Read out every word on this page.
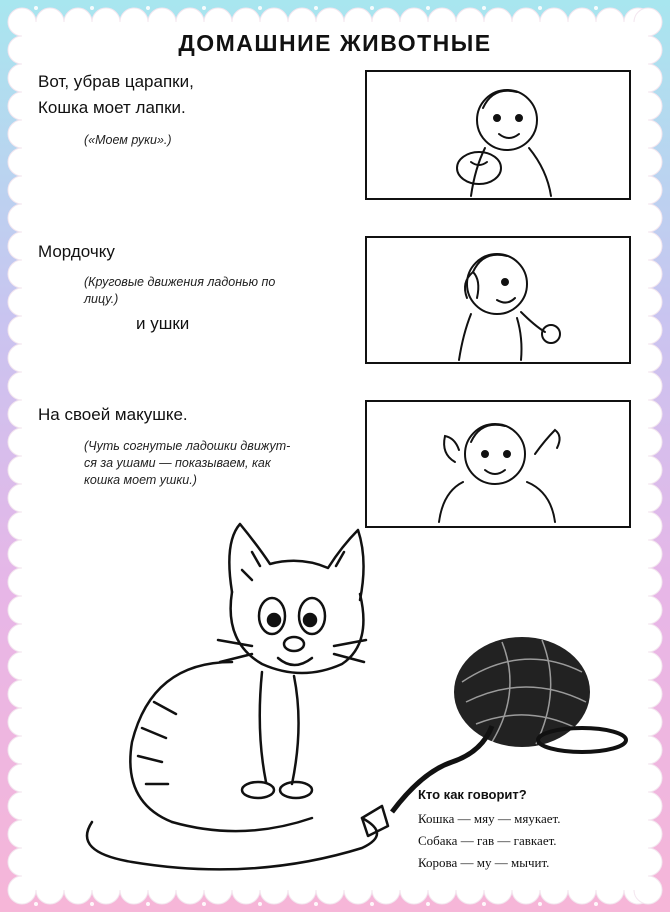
ДОМАШНИЕ ЖИВОТНЫЕ
Вот, убрав царапки,
Кошка моет лапки.
(«Моем руки».)
Мордочку
(Круговые движения ладонью по
лицу.)
и ушки
На своей макушке.
(Чуть согнутые ладошки движут-
ся за ушами — показываем, как
кошка моет ушки.)
Кто как говорит?
Кошка — мяу — мяукает.
Собака — гав — гавкает.
Корова — му — мычит.
